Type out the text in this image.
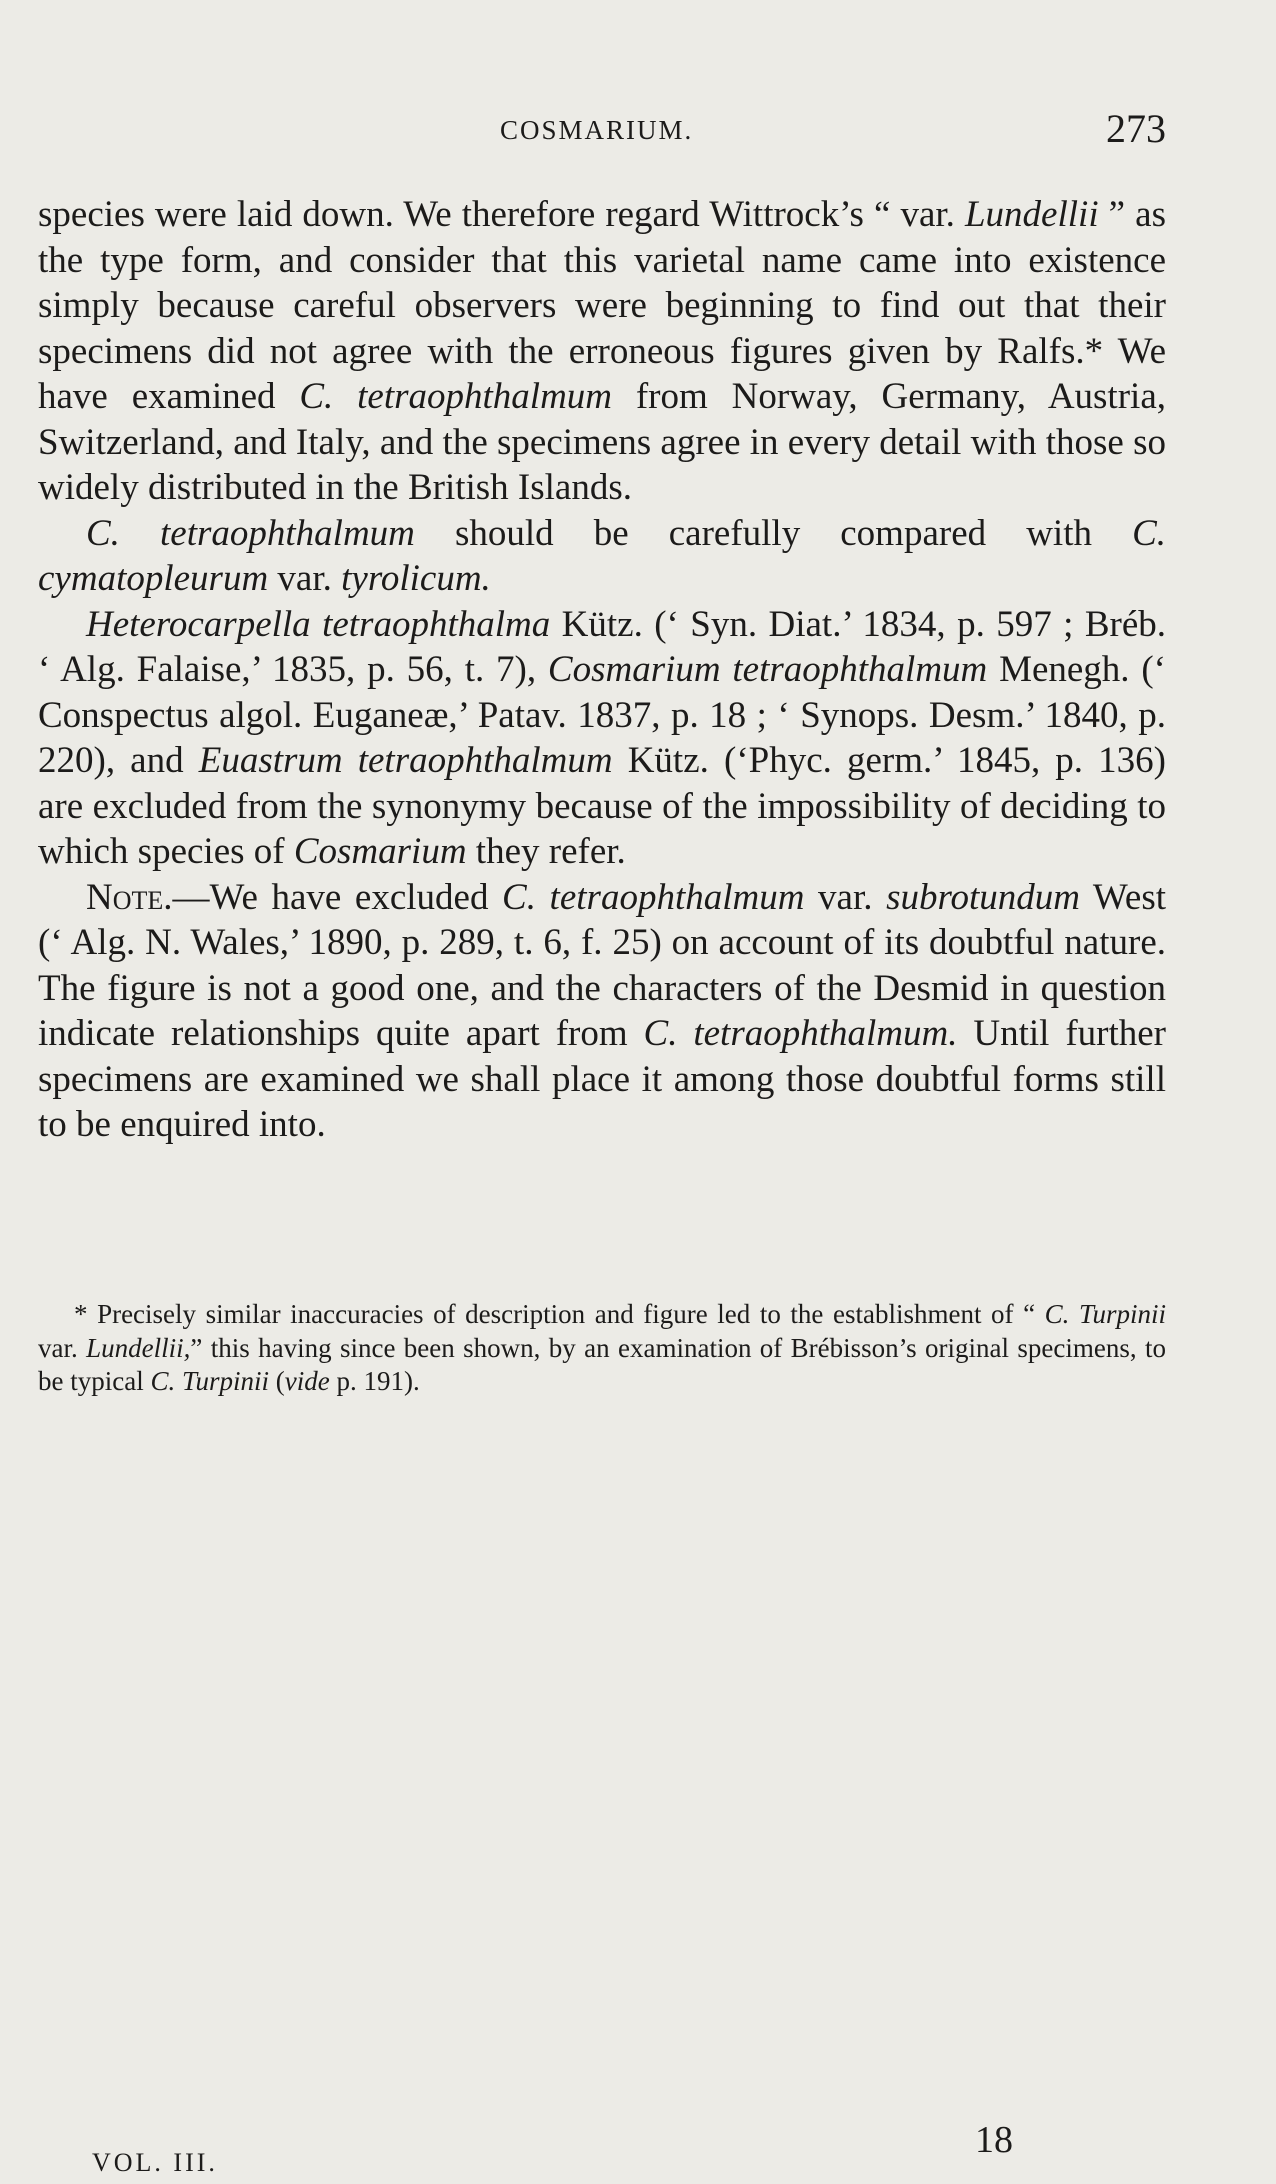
COSMARIUM.	273

species were laid down. We therefore regard Wittrock’s “ var. Lundellii ” as the type form, and consider that this varietal name came into existence simply because careful observers were beginning to find out that their specimens did not agree with the erroneous figures given by Ralfs.* We have examined C. tetraophthalmum from Norway, Germany, Austria, Switzerland, and Italy, and the specimens agree in every detail with those so widely distributed in the British Islands.

C. tetraophthalmum should be carefully compared with C. cymatopleurum var. tyrolicum.

Heterocarpella tetraophthalma Kütz. (‘ Syn. Diat.’ 1834, p. 597 ; Bréb. ‘ Alg. Falaise,’ 1835, p. 56, t. 7), Cosmarium tetraophthalmum Menegh. (‘ Conspectus algol. Euganeæ,’ Patav. 1837, p. 18 ; ‘ Synops. Desm.’ 1840, p. 220), and Euastrum tetraophthalmum Kütz. (‘Phyc. germ.’ 1845, p. 136) are excluded from the synonymy because of the impossibility of deciding to which species of Cosmarium they refer.

Note.—We have excluded C. tetraophthalmum var. subrotundum West (‘ Alg. N. Wales,’ 1890, p. 289, t. 6, f. 25) on account of its doubtful nature. The figure is not a good one, and the characters of the Desmid in question indicate relationships quite apart from C. tetraophthalmum. Until further specimens are examined we shall place it among those doubtful forms still to be enquired into.

* Precisely similar inaccuracies of description and figure led to the establishment of “ C. Turpinii var. Lundellii,” this having since been shown, by an examination of Brébisson’s original specimens, to be typical C. Turpinii (vide p. 191).

VOL. III.
18
